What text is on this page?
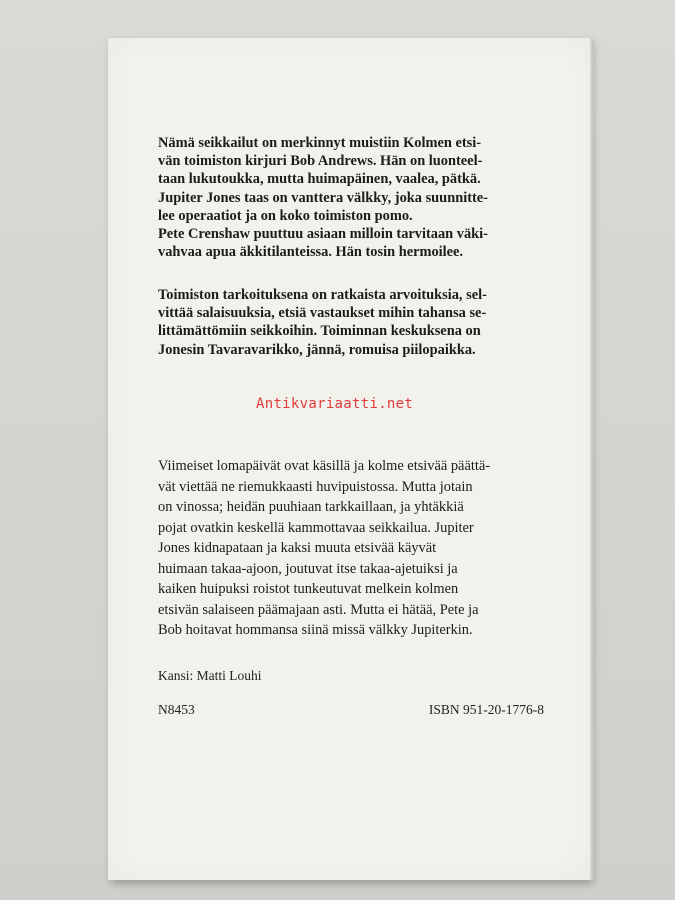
Nämä seikkailut on merkinnyt muistiin Kolmen etsi-

vän toimiston kirjuri Bob Andrews. Hän on luonteel-

taan lukutoukka, mutta huimapäinen, vaalea, pätkä.

Jupiter Jones taas on vanttera välkky, joka suunnitte-

lee operaatiot ja on koko toimiston pomo.

Pete Crenshaw puuttuu asiaan milloin tarvitaan väki-

vahvaa apua äkkitilanteissa. Hän tosin hermoilee.

Toimiston tarkoituksena on ratkaista arvoituksia, sel-

vittää salaisuuksia, etsiä vastaukset mihin tahansa se-

littämättömiin seikkoihin. Toiminnan keskuksena on

Jonesin Tavaravarikko, jännä, romuisa piilopaikka.

Antikvariaatti.net

Viimeiset lomapäivät ovat käsillä ja kolme etsivää päättä-

vät viettää ne riemukkaasti huvipuistossa. Mutta jotain

on vinossa; heidän puuhiaan tarkkaillaan, ja yhtäkkiä

pojat ovatkin keskellä kammottavaa seikkailua. Jupiter

Jones kidnapataan ja kaksi muuta etsivää käyvät

huimaan takaa-ajoon, joutuvat itse takaa-ajetuiksi ja

kaiken huipuksi roistot tunkeutuvat melkein kolmen

etsivän salaiseen päämajaan asti. Mutta ei hätää, Pete ja

Bob hoitavat hommansa siinä missä välkky Jupiterkin.

Kansi: Matti Louhi
N8453	ISBN 951-20-1776-8
